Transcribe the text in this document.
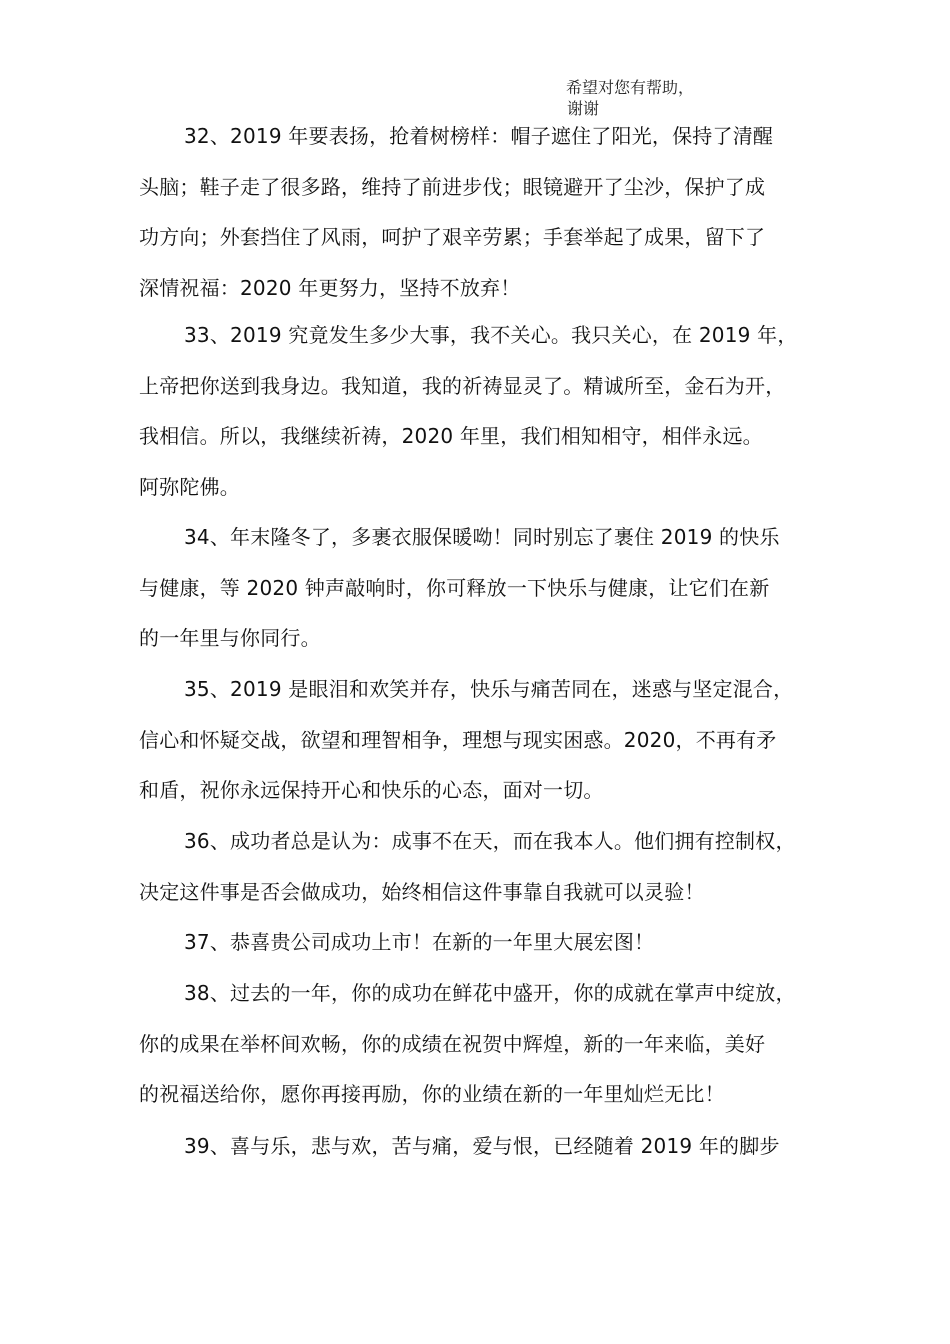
希望对您有帮助，
谢谢
32、2019 年要表扬，抢着树榜样：帽子遮住了阳光，保持了清醒
头脑；鞋子走了很多路，维持了前进步伐；眼镜避开了尘沙，保护了成
功方向；外套挡住了风雨，呵护了艰辛劳累；手套举起了成果，留下了
深情祝福：2020 年更努力，坚持不放弃！
33、2019 究竟发生多少大事，我不关心。我只关心，在 2019 年，
上帝把你送到我身边。我知道，我的祈祷显灵了。精诚所至，金石为开，
我相信。所以，我继续祈祷，2020 年里，我们相知相守，相伴永远。
阿弥陀佛。
34、年末隆冬了，多裹衣服保暖呦！同时别忘了裹住 2019 的快乐
与健康，等 2020 钟声敲响时，你可释放一下快乐与健康，让它们在新
的一年里与你同行。
35、2019 是眼泪和欢笑并存，快乐与痛苦同在，迷惑与坚定混合，
信心和怀疑交战，欲望和理智相争，理想与现实困惑。2020，不再有矛
和盾，祝你永远保持开心和快乐的心态，面对一切。
36、成功者总是认为：成事不在天，而在我本人。他们拥有控制权，
决定这件事是否会做成功，始终相信这件事靠自我就可以灵验！
37、恭喜贵公司成功上市！在新的一年里大展宏图！
38、过去的一年，你的成功在鲜花中盛开，你的成就在掌声中绽放，
你的成果在举杯间欢畅，你的成绩在祝贺中辉煌，新的一年来临，美好
的祝福送给你，愿你再接再励，你的业绩在新的一年里灿烂无比！
39、喜与乐，悲与欢，苦与痛，爱与恨，已经随着 2019 年的脚步
